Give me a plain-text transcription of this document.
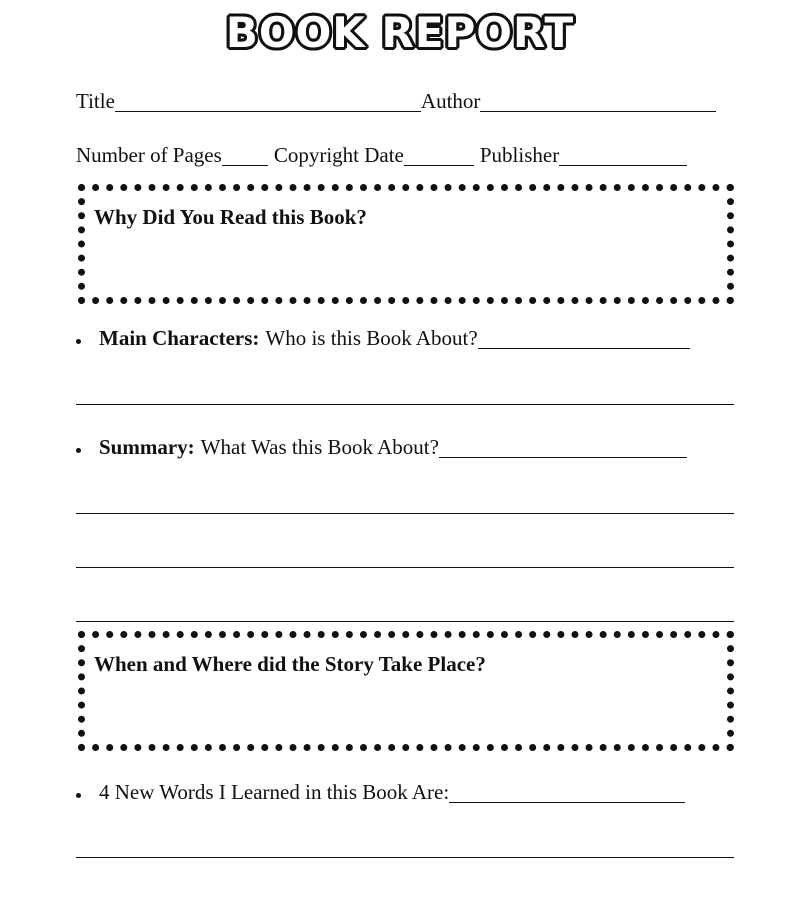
BOOK REPORT
Title	Author
Number of Pages Copyright Date	Publisher
Why Did You Read this Book?
Main Characters: Who is this Book About?
Summary: What Was this Book About?
When and Where did the Story Take Place?
4 New Words I Learned in this Book Are:
